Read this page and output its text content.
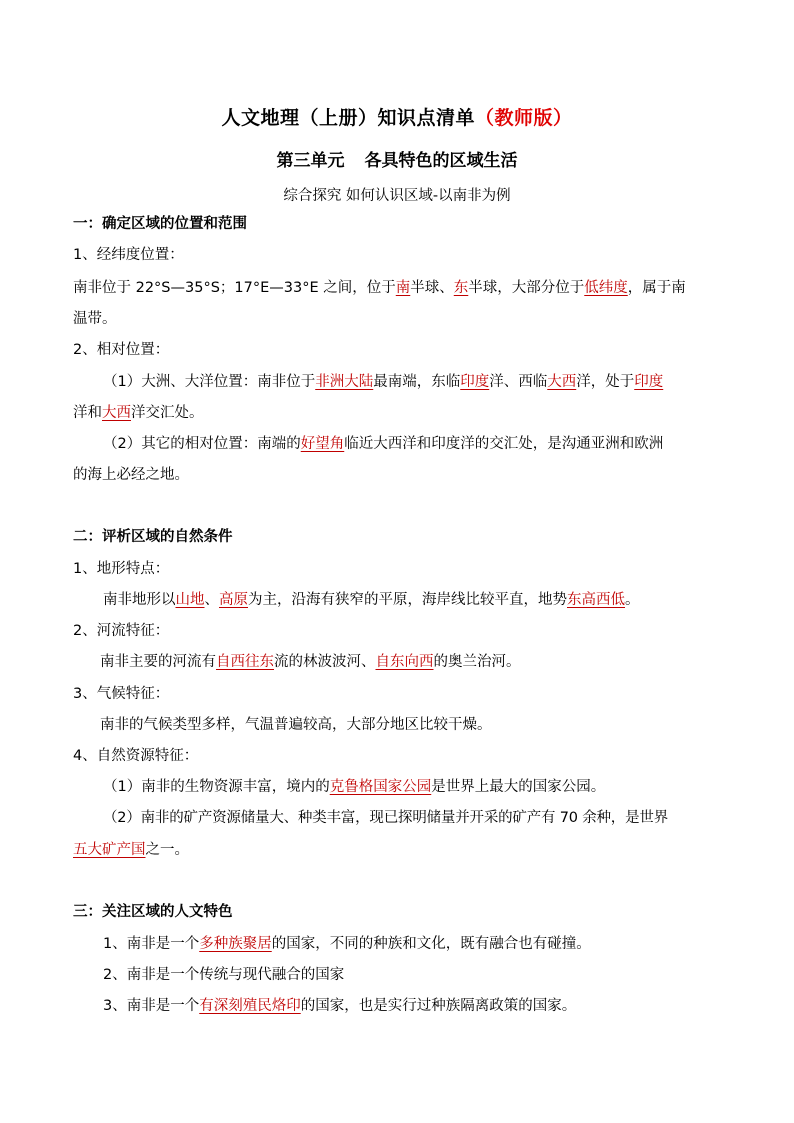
人文地理（上册）知识点清单（教师版）
第三单元 各具特色的区域生活
综合探究 如何认识区域-以南非为例
一：确定区域的位置和范围
1、经纬度位置：
南非位于 22°S—35°S；17°E—33°E 之间，位于南半球、东半球，大部分位于低纬度，属于南
温带。
2、相对位置：
（1）大洲、大洋位置：南非位于非洲大陆最南端，东临印度洋、西临大西洋，处于印度
洋和大西洋交汇处。
（2）其它的相对位置：南端的好望角临近大西洋和印度洋的交汇处，是沟通亚洲和欧洲
的海上必经之地。
二：评析区域的自然条件
1、地形特点：
南非地形以山地、高原为主，沿海有狭窄的平原，海岸线比较平直，地势东高西低。
2、河流特征：
南非主要的河流有自西往东流的林波波河、自东向西的奥兰治河。
3、气候特征：
南非的气候类型多样，气温普遍较高，大部分地区比较干燥。
4、自然资源特征：
（1）南非的生物资源丰富，境内的克鲁格国家公园是世界上最大的国家公园。
（2）南非的矿产资源储量大、种类丰富，现已探明储量并开采的矿产有 70 余种，是世界
五大矿产国之一。
三：关注区域的人文特色
1、南非是一个多种族聚居的国家，不同的种族和文化，既有融合也有碰撞。
2、南非是一个传统与现代融合的国家
3、南非是一个有深刻殖民烙印的国家，也是实行过种族隔离政策的国家。
